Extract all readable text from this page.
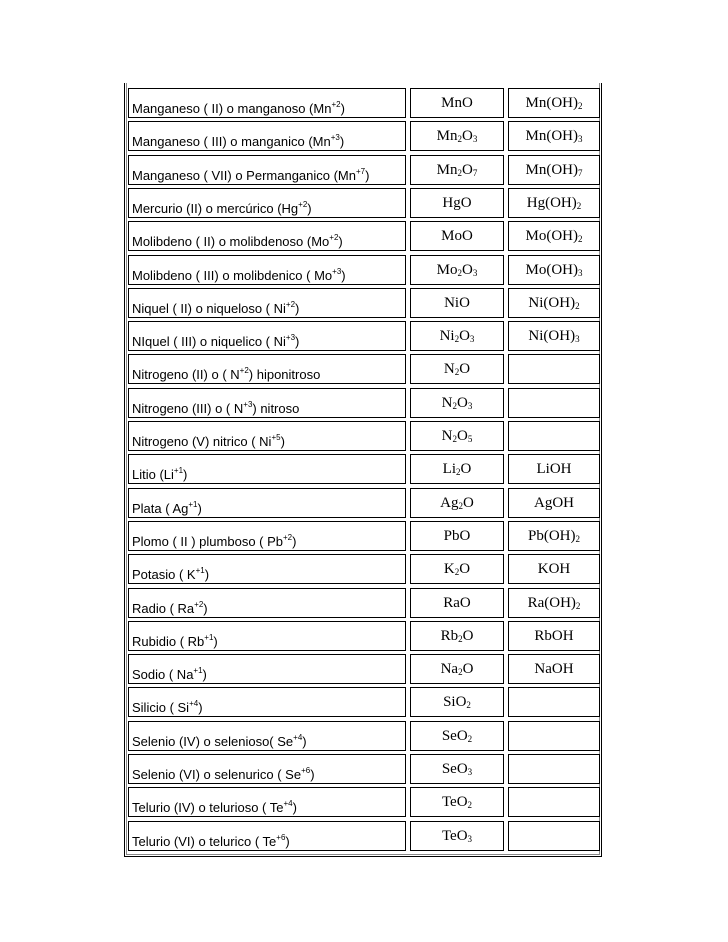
Manganeso ( II) o manganoso $(Mn^{+2})$	MnO	$Mn(OH)_2$
Manganeso ( III) o manganico $(Mn^{+3})$	$Mn_2O_3$	$Mn(OH)_3$
Manganeso ( VII) o Permanganico $(Mn^{+7})$	$Mn_2O_7$	$Mn(OH)_7$
Mercurio (II) o mercúrico $(Hg^{+2})$	HgO	$Hg(OH)_2$
Molibdeno ( II) o molibdenoso $(Mo^{+2})$	MoO	$Mo(OH)_2$
Molibdeno ( III) o molibdenico ( $Mo^{+3}$)	$Mo_2O_3$	$Mo(OH)_3$
Niquel ( II) o niqueloso ( $Ni^{+2}$)	NiO	$Ni(OH)_2$
NIquel ( III) o niquelico ( $Ni^{+3}$)	$Ni_2O_3$	$Ni(OH)_3$
Nitrogeno (II) o ( $N^{+2}$) hiponitroso	$N_2O$
Nitrogeno (III) o ( $N^{+3}$) nitroso	$N_2O_3$
Nitrogeno (V) nitrico ( $Ni^{+5}$)	$N_2O_5$
Litio $(Li^{+1})$	$Li_2O$	LiOH
Plata ( $Ag^{+1}$)	$Ag_2O$	AgOH
Plomo ( II ) plumboso ( $Pb^{+2}$)	PbO	$Pb(OH)_2$
Potasio ( $K^{+1}$)	$K_2O$	KOH
Radio ( $Ra^{+2}$)	RaO	$Ra(OH)_2$
Rubidio ( $Rb^{+1}$)	$Rb_2O$	RbOH
Sodio ( $Na^{+1}$)	$Na_2O$	NaOH
Silicio ( $Si^{+4}$)	SiO$_2$
Selenio (IV) o selenioso( $Se^{+4}$)	SeO$_2$
Selenio (VI) o selenurico ( $Se^{+6}$)	SeO$_3$
Telurio (IV) o telurioso ( $Te^{+4}$)	TeO$_2$
Telurio (VI) o telurico ( $Te^{+6}$)	TeO$_3$
